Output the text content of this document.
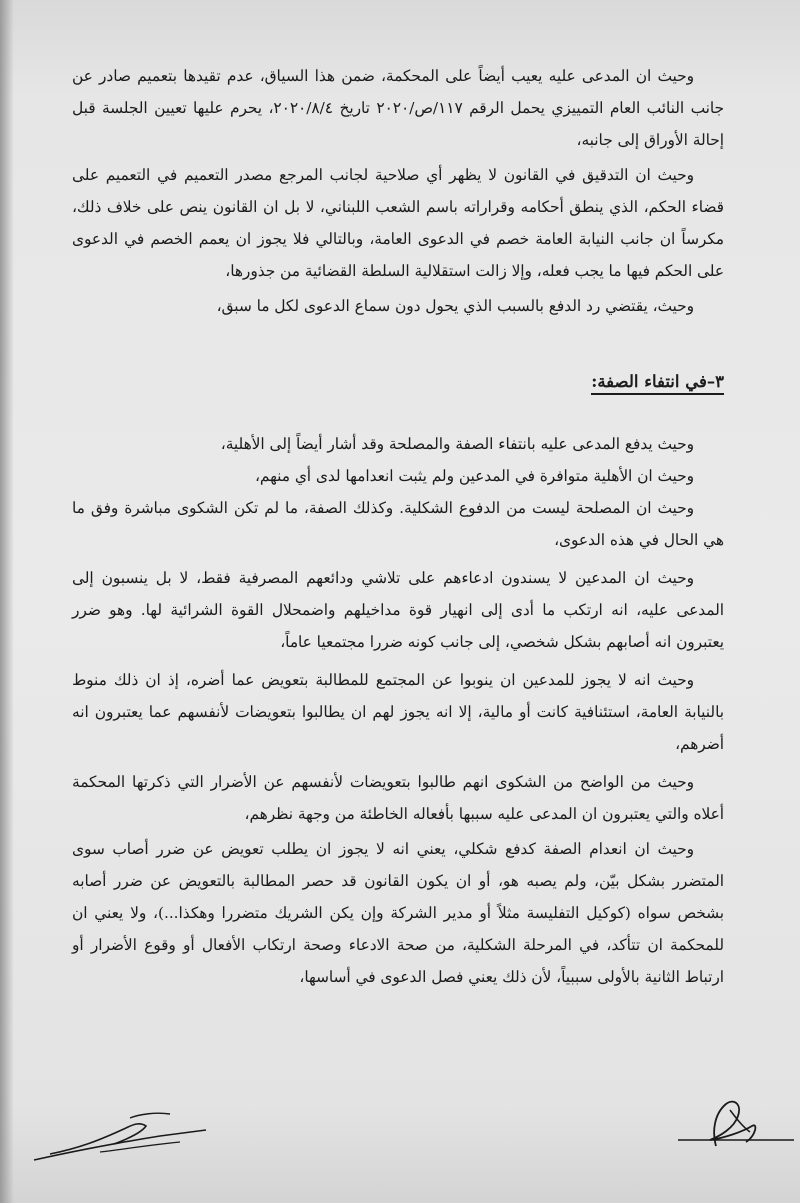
وحيث ان المدعى عليه يعيب أيضاً على المحكمة، ضمن هذا السياق، عدم تقيدها بتعميم صادر عن جانب النائب العام التمييزي يحمل الرقم ١١٧/ص/٢٠٢٠ تاريخ ٢٠٢٠/٨/٤، يحرم عليها تعيين الجلسة قبل إحالة الأوراق إلى جانبه،

وحيث ان التدقيق في القانون لا يظهر أي صلاحية لجانب المرجع مصدر التعميم في التعميم على قضاء الحكم، الذي ينطق أحكامه وقراراته باسم الشعب اللبناني، لا بل ان القانون ينص على خلاف ذلك، مكرساً ان جانب النيابة العامة خصم في الدعوى العامة، وبالتالي فلا يجوز ان يعمم الخصم في الدعوى على الحكم فيها ما يجب فعله، وإلا زالت استقلالية السلطة القضائية من جذورها،

وحيث، يقتضي رد الدفع بالسبب الذي يحول دون سماع الدعوى لكل ما سبق،

٣–في انتفاء الصفة:

وحيث يدفع المدعى عليه بانتفاء الصفة والمصلحة وقد أشار أيضاً إلى الأهلية،

وحيث ان الأهلية متوافرة في المدعين ولم يثبت انعدامها لدى أي منهم،

وحيث ان المصلحة ليست من الدفوع الشكلية. وكذلك الصفة، ما لم تكن الشكوى مباشرة وفق ما هي الحال في هذه الدعوى،

وحيث ان المدعين لا يسندون ادعاءهم على تلاشي ودائعهم المصرفية فقط، لا بل ينسبون إلى المدعى عليه، انه ارتكب ما أدى إلى انهيار قوة مداخيلهم واضمحلال القوة الشرائية لها. وهو ضرر يعتبرون انه أصابهم بشكل شخصي، إلى جانب كونه ضررا مجتمعيا عاماً،

وحيث انه لا يجوز للمدعين ان ينوبوا عن المجتمع للمطالبة بتعويض عما أضره، إذ ان ذلك منوط بالنيابة العامة، استئنافية كانت أو مالية، إلا انه يجوز لهم ان يطالبوا بتعويضات لأنفسهم عما يعتبرون انه أضرهم،

وحيث من الواضح من الشكوى انهم طالبوا بتعويضات لأنفسهم عن الأضرار التي ذكرتها المحكمة أعلاه والتي يعتبرون ان المدعى عليه سببها بأفعاله الخاطئة من وجهة نظرهم،

وحيث ان انعدام الصفة كدفع شكلي، يعني انه لا يجوز ان يطلب تعويض عن ضرر أصاب سوى المتضرر بشكل بيّن، ولم يصبه هو، أو ان يكون القانون قد حصر المطالبة بالتعويض عن ضرر أصابه بشخص سواه (كوكيل التفليسة مثلاً أو مدير الشركة وإن يكن الشريك متضررا وهكذا...)، ولا يعني ان للمحكمة ان تتأكد، في المرحلة الشكلية، من صحة الادعاء وصحة ارتكاب الأفعال أو وقوع الأضرار أو ارتباط الثانية بالأولى سببياً، لأن ذلك يعني فصل الدعوى في أساسها،
